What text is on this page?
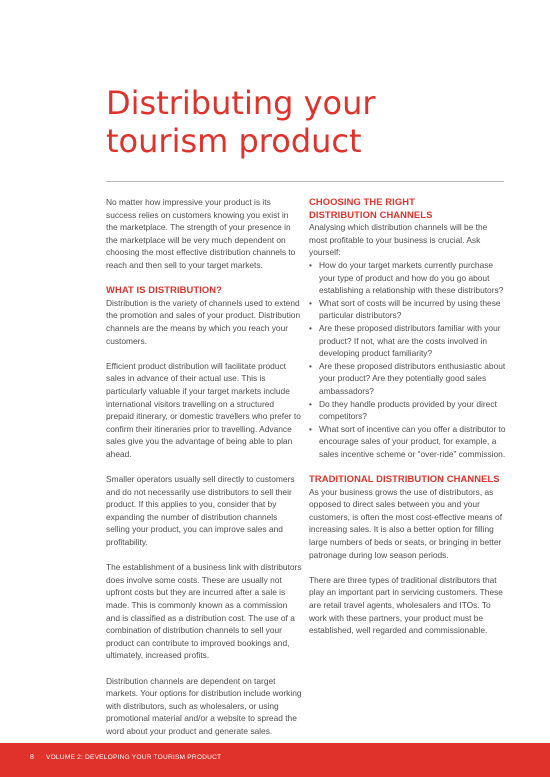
Distributing your
tourism product

No matter how impressive your product is its success relies on customers knowing you exist in the marketplace. The strength of your presence in the marketplace will be very much dependent on choosing the most effective distribution channels to reach and then sell to your target markets.

WHAT IS DISTRIBUTION?

Distribution is the variety of channels used to extend the promotion and sales of your product. Distribution channels are the means by which you reach your customers.

Efficient product distribution will facilitate product sales in advance of their actual use. This is particularly valuable if your target markets include international visitors travelling on a structured prepaid itinerary, or domestic travellers who prefer to confirm their itineraries prior to travelling. Advance sales give you the advantage of being able to plan ahead.

Smaller operators usually sell directly to customers and do not necessarily use distributors to sell their product. If this applies to you, consider that by expanding the number of distribution channels selling your product, you can improve sales and profitability.

The establishment of a business link with distributors does involve some costs. These are usually not upfront costs but they are incurred after a sale is made. This is commonly known as a commission and is classified as a distribution cost. The use of a combination of distribution channels to sell your product can contribute to improved bookings and, ultimately, increased profits.

Distribution channels are dependent on target markets. Your options for distribution include working with distributors, such as wholesalers, or using promotional material and/or a website to spread the word about your product and generate sales.

CHOOSING THE RIGHT
DISTRIBUTION CHANNELS

Analysing which distribution channels will be the most profitable to your business is crucial. Ask yourself:

• How do your target markets currently purchase your type of product and how do you go about establishing a relationship with these distributors?
• What sort of costs will be incurred by using these particular distributors?
• Are these proposed distributors familiar with your product? If not, what are the costs involved in developing product familiarity?
• Are these proposed distributors enthusiastic about your product? Are they potentially good sales ambassadors?
• Do they handle products provided by your direct competitors?
• What sort of incentive can you offer a distributor to encourage sales of your product, for example, a sales incentive scheme or “over-ride” commission.
TRADITIONAL DISTRIBUTION CHANNELS

As your business grows the use of distributors, as opposed to direct sales between you and your customers, is often the most cost-effective means of increasing sales. It is also a better option for filling large numbers of beds or seats, or bringing in better patronage during low season periods.

There are three types of traditional distributors that play an important part in servicing customers. These are retail travel agents, wholesalers and ITOs. To work with these partners, your product must be established, well regarded and commissionable.

8 VOLUME 2: DEVELOPING YOUR TOURISM PRODUCT
